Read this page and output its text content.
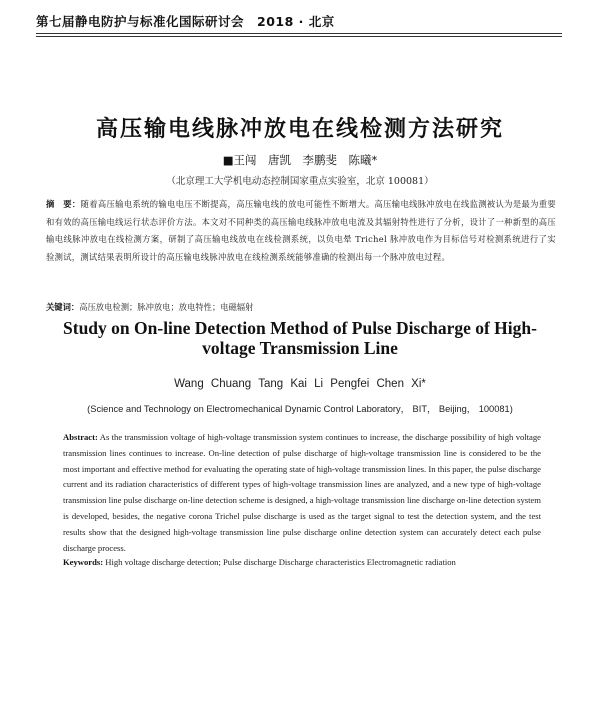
第七届静电防护与标准化国际研讨会　2018 · 北京
高压输电线脉冲放电在线检测方法研究
■王闯　唐凯　李鹏斐　陈曦*
（北京理工大学机电动态控制国家重点实验室，北京 100081）
摘　要：随着高压输电系统的输电电压不断提高，高压输电线的放电可能性不断增大。高压输电线脉冲放电在线监测被认为是最为重要和有效的高压输电线运行状态评价方法。本文对不同种类的高压输电线脉冲放电电流及其辐射特性进行了分析，设计了一种新型的高压输电线脉冲放电在线检测方案，研制了高压输电线放电在线检测系统，以负电晕 Trichel 脉冲放电作为目标信号对检测系统进行了实验测试，测试结果表明所设计的高压输电线脉冲放电在线检测系统能够准确的检测出每一个脉冲放电过程。
关键词：高压放电检测；脉冲放电；放电特性；电磁辐射
Study on On-line Detection Method of Pulse Discharge of High-voltage Transmission Line
Wang Chuang Tang Kai Li Pengfei Chen Xi*
(Science and Technology on Electromechanical Dynamic Control Laboratory， BIT， Beijing， 100081)
Abstract: As the transmission voltage of high-voltage transmission system continues to increase, the discharge possibility of high voltage transmission lines continues to increase. On-line detection of pulse discharge of high-voltage transmission line is considered to be the most important and effective method for evaluating the operating state of high-voltage transmission lines. In this paper, the pulse discharge current and its radiation characteristics of different types of high-voltage transmission lines are analyzed, and a new type of high-voltage transmission line pulse discharge on-line detection scheme is designed, a high-voltage transmission line discharge on-line detection system is developed, besides, the negative corona Trichel pulse discharge is used as the target signal to test the detection system, and the test results show that the designed high-voltage transmission line pulse discharge online detection system can accurately detect each pulse discharge process.
Keywords: High voltage discharge detection; Pulse discharge Discharge characteristics Electromagnetic radiation
